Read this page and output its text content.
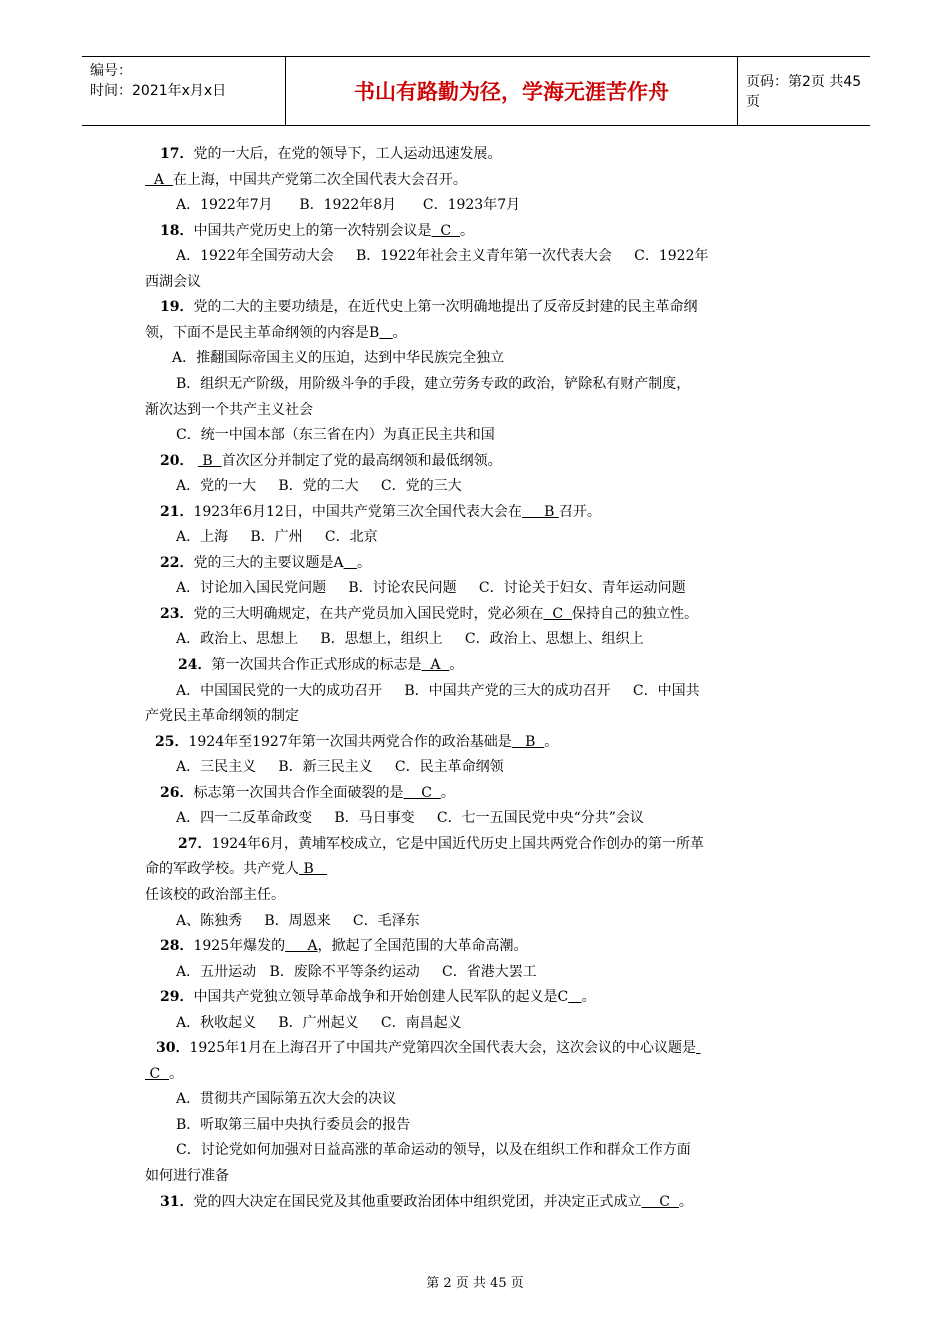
编号：
时间：2021年x月x日	书山有路勤为径，学海无涯苦作舟	页码：第2页 共45页
17．党的一大后，在党的领导下，工人运动迅速发展。
A  在上海，中国共产党第二次全国代表大会召开。
A．1922年7月      B．1922年8月      C．1923年7月
18．中国共产党历史上的第一次特别会议是  C  。
A．1922年全国劳动大会     B．1922年社会主义青年第一次代表大会     C．1922年
西湖会议
19．党的二大的主要功绩是，在近代史上第一次明确地提出了反帝反封建的民主革命纲
领，下面不是民主革命纲领的内容是B 。
A．推翻国际帝国主义的压迫，达到中华民族完全独立
B．组织无产阶级，用阶级斗争的手段，建立劳务专政的政治，铲除私有财产制度，
渐次达到一个共产主义社会
C．统一中国本部（东三省在内）为真正民主共和国
20．  B  首次区分并制定了党的最高纲领和最低纲领。
A．党的一大     B．党的二大     C．党的三大
21．1923年6月12日，中国共产党第三次全国代表大会在     B 召开。
A．上海     B．广州     C．北京
22．党的三大的主要议题是A 。
A．讨论加入国民党问题     B．讨论农民问题     C．讨论关于妇女、青年运动问题
23．党的三大明确规定，在共产党员加入国民党时，党必须在  C  保持自己的独立性。
A．政治上、思想上     B．思想上，组织上     C．政治上、思想上、组织上
24．第一次国共合作正式形成的标志是  A  。
A．中国国民党的一大的成功召开     B．中国共产党的三大的成功召开     C．中国共
产党民主革命纲领的制定
25．1924年至1927年第一次国共两党合作的政治基础是   B  。
A．三民主义     B．新三民主义     C．民主革命纲领
26．标志第一次国共合作全面破裂的是    C  。
A．四一二反革命政变     B．马日事变     C．七一五国民党中央“分共”会议
27．1924年6月，黄埔军校成立，它是中国近代历史上国共两党合作创办的第一所革
命的军政学校。共产党人 B
任该校的政治部主任。
A、陈独秀     B．周恩来     C．毛泽东
28．1925年爆发的     A，掀起了全国范围的大革命高潮。
A．五卅运动   B．废除不平等条约运动     C．省港大罢工
29．中国共产党独立领导革命战争和开始创建人民军队的起义是C 。
A．秋收起义     B．广州起义     C．南昌起义
30．1925年1月在上海召开了中国共产党第四次全国代表大会，这次会议的中心议题是
C  。
A．贯彻共产国际第五次大会的决议
B．听取第三届中央执行委员会的报告
C．讨论党如何加强对日益高涨的革命运动的领导，以及在组织工作和群众工作方面
如何进行准备
31．党的四大决定在国民党及其他重要政治团体中组织党团，并决定正式成立    C  。
第 2 页 共 45 页
